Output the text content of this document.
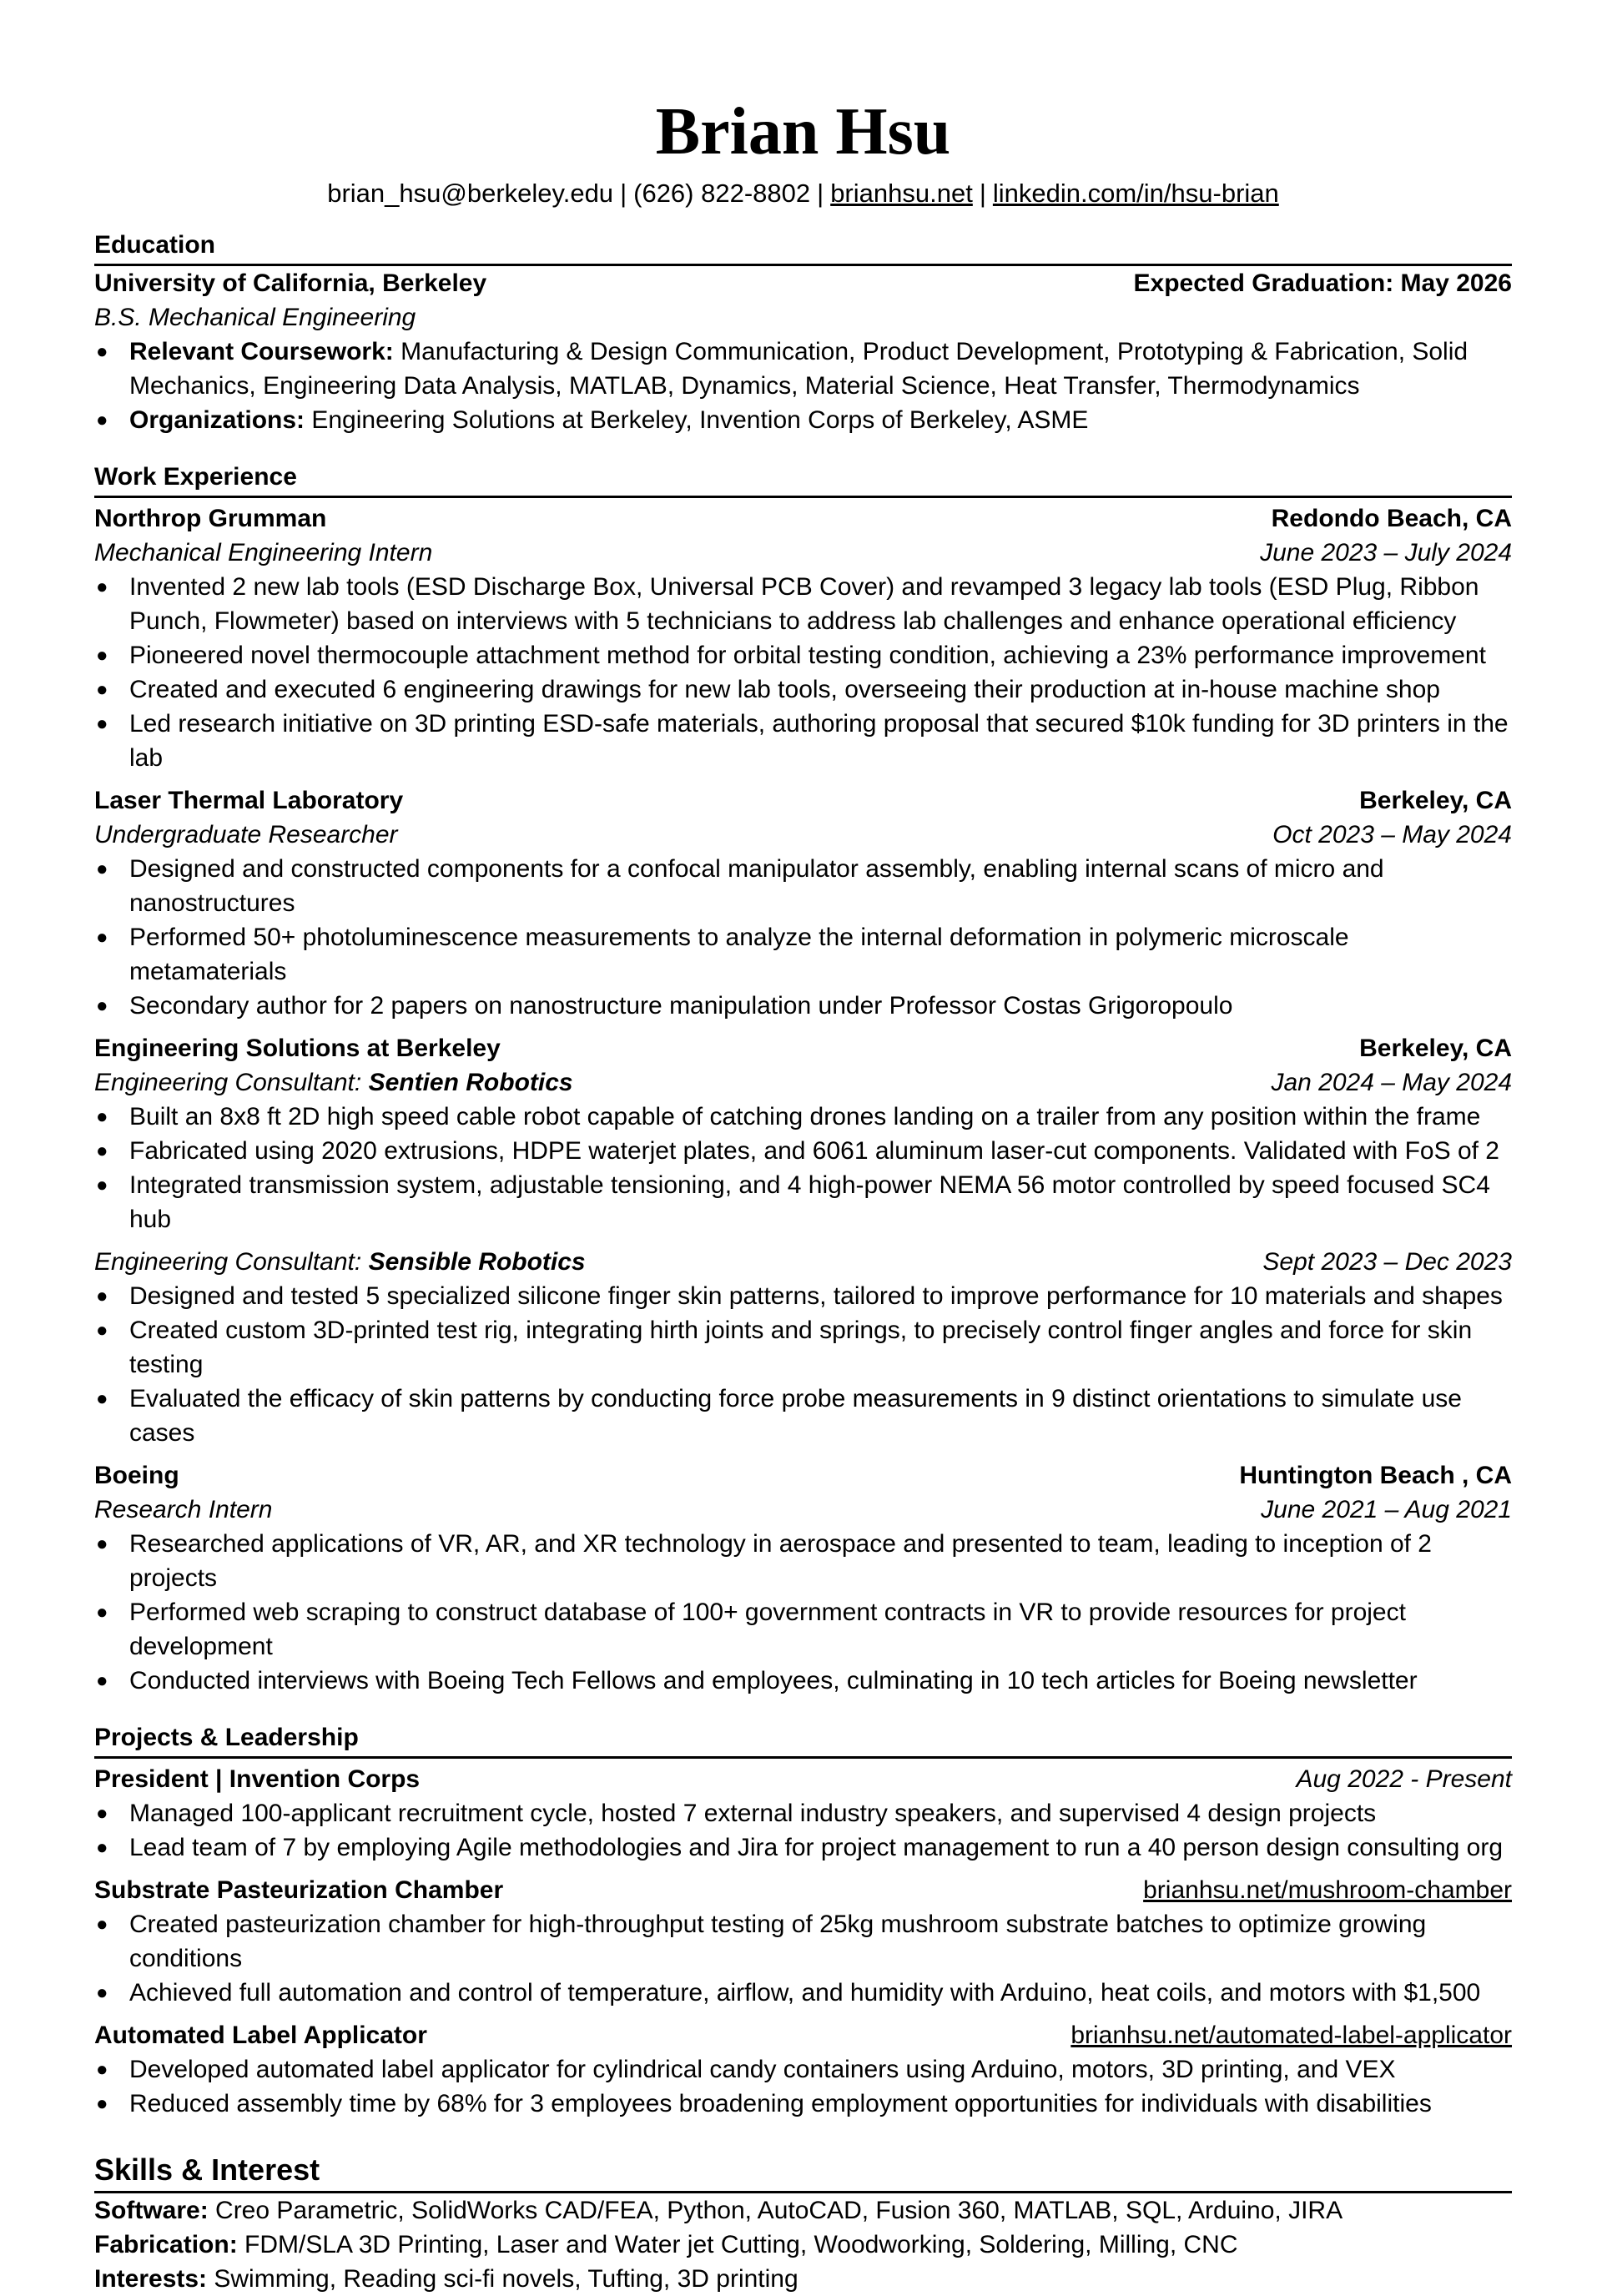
Brian Hsu
brian_hsu@berkeley.edu | (626) 822-8802 | brianhsu.net | linkedin.com/in/hsu-brian
Education
University of California, Berkeley	Expected Graduation: May 2026
B.S. Mechanical Engineering
● Relevant Coursework: Manufacturing & Design Communication, Product Development, Prototyping & Fabrication, Solid Mechanics, Engineering Data Analysis, MATLAB, Dynamics, Material Science, Heat Transfer, Thermodynamics
● Organizations: Engineering Solutions at Berkeley, Invention Corps of Berkeley, ASME
Work Experience
Northrop Grumman	Redondo Beach, CA
Mechanical Engineering Intern	June 2023 – July 2024
● Invented 2 new lab tools (ESD Discharge Box, Universal PCB Cover) and revamped 3 legacy lab tools (ESD Plug, Ribbon Punch, Flowmeter) based on interviews with 5 technicians to address lab challenges and enhance operational efficiency
● Pioneered novel thermocouple attachment method for orbital testing condition, achieving a 23% performance improvement
● Created and executed 6 engineering drawings for new lab tools, overseeing their production at in-house machine shop
● Led research initiative on 3D printing ESD-safe materials, authoring proposal that secured $10k funding for 3D printers in the lab
Laser Thermal Laboratory	Berkeley, CA
Undergraduate Researcher	Oct 2023 – May 2024
● Designed and constructed components for a confocal manipulator assembly, enabling internal scans of micro and nanostructures
● Performed 50+ photoluminescence measurements to analyze the internal deformation in polymeric microscale metamaterials
● Secondary author for 2 papers on nanostructure manipulation under Professor Costas Grigoropoulo
Engineering Solutions at Berkeley	Berkeley, CA
Engineering Consultant: Sentien Robotics	Jan 2024 – May 2024
● Built an 8x8 ft 2D high speed cable robot capable of catching drones landing on a trailer from any position within the frame
● Fabricated using 2020 extrusions, HDPE waterjet plates, and 6061 aluminum laser-cut components. Validated with FoS of 2
● Integrated transmission system, adjustable tensioning, and 4 high-power NEMA 56 motor controlled by speed focused SC4 hub
Engineering Consultant: Sensible Robotics	Sept 2023 – Dec 2023
● Designed and tested 5 specialized silicone finger skin patterns, tailored to improve performance for 10 materials and shapes
● Created custom 3D-printed test rig, integrating hirth joints and springs, to precisely control finger angles and force for skin testing
● Evaluated the efficacy of skin patterns by conducting force probe measurements in 9 distinct orientations to simulate use cases
Boeing	Huntington Beach , CA
Research Intern	June 2021 – Aug 2021
● Researched applications of VR, AR, and XR technology in aerospace and presented to team, leading to inception of 2 projects
● Performed web scraping to construct database of 100+ government contracts in VR to provide resources for project development
● Conducted interviews with Boeing Tech Fellows and employees, culminating in 10 tech articles for Boeing newsletter
Projects & Leadership
President | Invention Corps	Aug 2022 - Present
● Managed 100-applicant recruitment cycle, hosted 7 external industry speakers, and supervised 4 design projects
● Lead team of 7 by employing Agile methodologies and Jira for project management to run a 40 person design consulting org
Substrate Pasteurization Chamber	brianhsu.net/mushroom-chamber
● Created pasteurization chamber for high-throughput testing of 25kg mushroom substrate batches to optimize growing conditions
● Achieved full automation and control of temperature, airflow, and humidity with Arduino, heat coils, and motors with $1,500
Automated Label Applicator	brianhsu.net/automated-label-applicator
● Developed automated label applicator for cylindrical candy containers using Arduino, motors, 3D printing, and VEX
● Reduced assembly time by 68% for 3 employees broadening employment opportunities for individuals with disabilities
Skills & Interest
Software: Creo Parametric, SolidWorks CAD/FEA, Python, AutoCAD, Fusion 360, MATLAB, SQL, Arduino, JIRA
Fabrication: FDM/SLA 3D Printing, Laser and Water jet Cutting, Woodworking, Soldering, Milling, CNC
Interests: Swimming, Reading sci-fi novels, Tufting, 3D printing
